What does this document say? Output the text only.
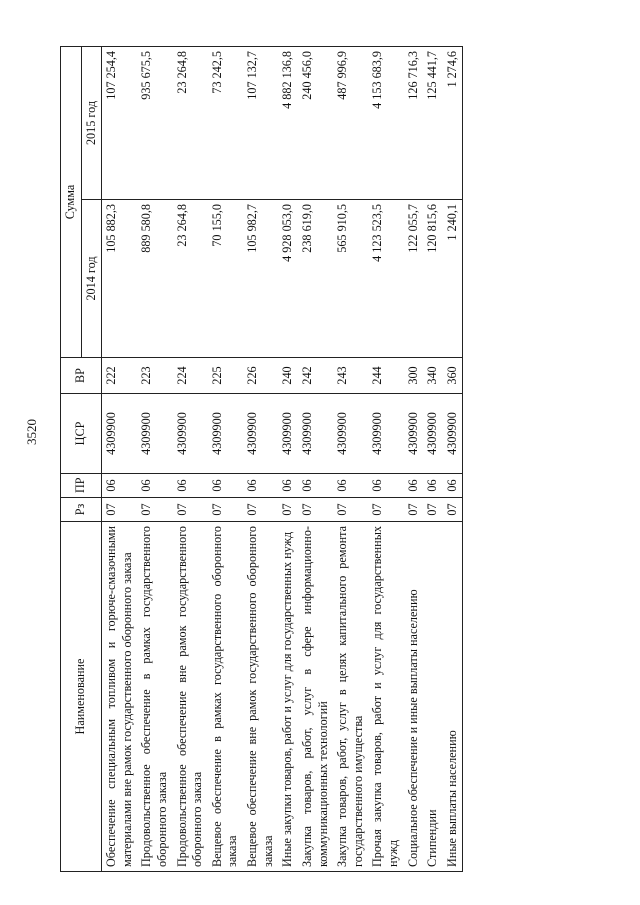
3520
Наименование	Рз	ПР	ЦСР	ВР	Сумма	
					2014 год	2015 год
Обеспечение специальным топливом и горюче-смазочными материалами вне рамок государственного оборонного заказа	07	06	4309900	222	105 882,3	107 254,4
Продовольственное обеспечение в рамках государственного оборонного заказа	07	06	4309900	223	889 580,8	935 675,5
Продовольственное обеспечение вне рамок государственного оборонного заказа	07	06	4309900	224	23 264,8	23 264,8
Вещевое обеспечение в рамках государственного оборонного заказа	07	06	4309900	225	70 155,0	73 242,5
Вещевое обеспечение вне рамок государственного оборонного заказа	07	06	4309900	226	105 982,7	107 132,7
Иные закупки товаров, работ и услуг для государственных нужд	07	06	4309900	240	4 928 053,0	4 882 136,8
Закупка товаров, работ, услуг в сфере информационно-коммуникационных технологий	07	06	4309900	242	238 619,0	240 456,0
Закупка товаров, работ, услуг в целях капитального ремонта государственного имущества	07	06	4309900	243	565 910,5	487 996,9
Прочая закупка товаров, работ и услуг для государственных нужд	07	06	4309900	244	4 123 523,5	4 153 683,9
Социальное обеспечение и иные выплаты населению	07	06	4309900	300	122 055,7	126 716,3
Стипендии	07	06	4309900	340	120 815,6	125 441,7
Иные выплаты населению	07	06	4309900	360	1 240,1	1 274,6
